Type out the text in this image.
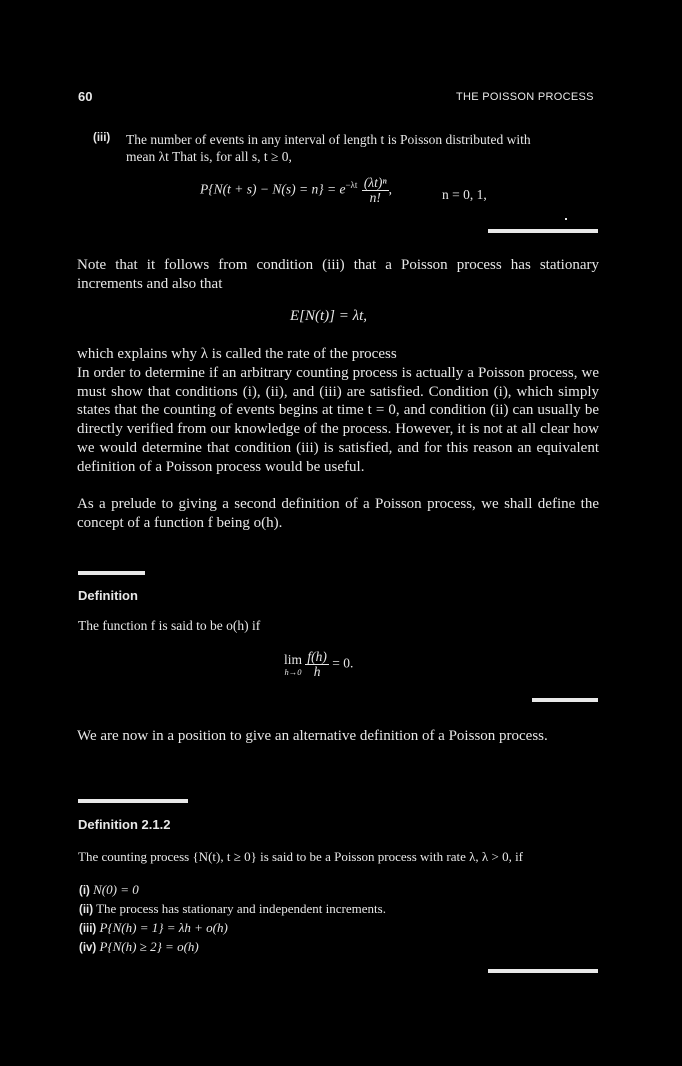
60	THE POISSON PROCESS
(iii) The number of events in any interval of length t is Poisson distributed with
mean λt That is, for all s, t ≥ 0,
$P\{N(t + s) - N(s) = n\} = e^{-\lambda t} \frac{\text{(λt)ⁿ}}{n!}$ ,	n = 0, 1,

Note that it follows from condition (iii) that a Poisson process has stationary increments and also that

E[N(t)] = λt,

which explains why λ is called the rate of the process

In order to determine if an arbitrary counting process is actually a Poisson process, we must show that conditions (i), (ii), and (iii) are satisfied. Condition (i), which simply states that the counting of events begins at time t = 0, and condition (ii) can usually be directly verified from our knowledge of the process. However, it is not at all clear how we would determine that condition (iii) is satisfied, and for this reason an equivalent definition of a Poisson process would be useful.

As a prelude to giving a second definition of a Poisson process, we shall define the concept of a function f being o(h).

Definition
The function f is said to be o(h) if
lim
h→0
$\frac{f(h)}{h} = 0$.

We are now in a position to give an alternative definition of a Poisson process.

Definition 2.1.2
The counting process {N(t), t ≥ 0} is said to be a Poisson process with rate λ, λ > 0, if
(i) N(0) = 0
(ii) The process has stationary and independent increments.
(iii) P{N(h) = 1} = λh + o(h)
(iv) P{N(h) ≥ 2} = o(h)
